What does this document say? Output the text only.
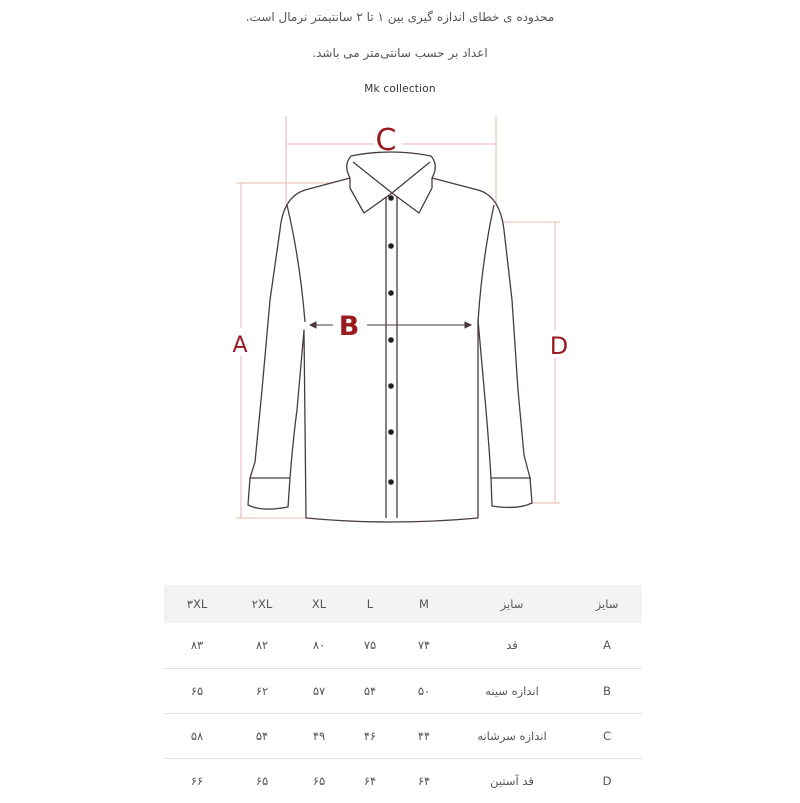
محدوده ی خطای اندازه گیری بین ۱ تا ۲ سانتیمتر نرمال است.
اعداد بر حسب سانتی‌متر می باشد.
Mk collection
C
B
A	D
۳XL	۲XL	XL	L	M	سایز	سایز
۸۳	۸۲	۸۰	۷۵	۷۴	قد	A
۶۵	۶۲	۵۷	۵۴	۵۰	اندازه سینه	B
۵۸	۵۴	۴۹	۴۶	۴۴	اندازه سرشانه	C
۶۶	۶۵	۶۵	۶۴	۶۴	قد آستین	D
